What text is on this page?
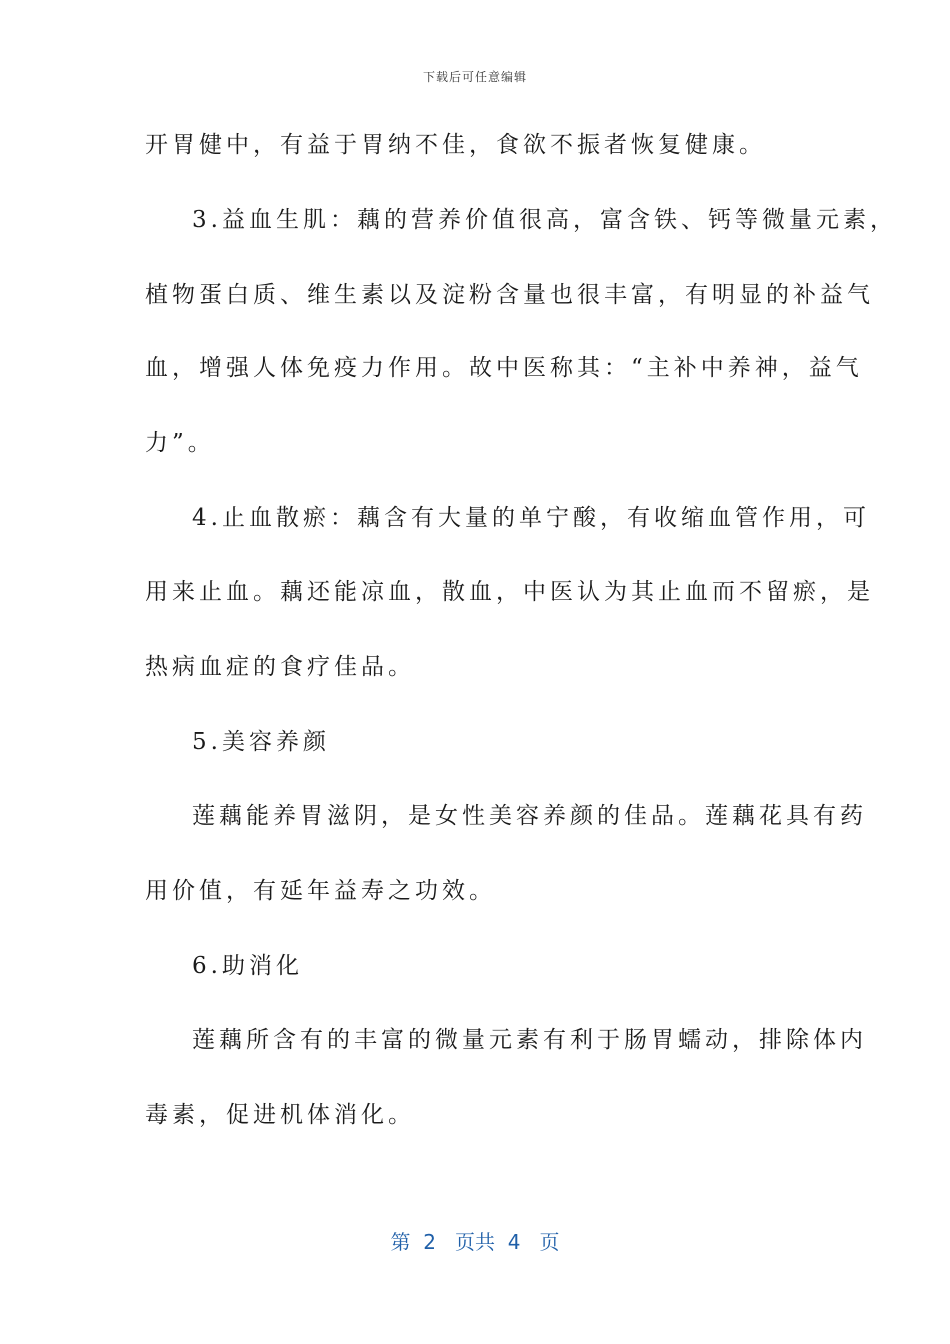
下载后可任意编辑
开胃健中，有益于胃纳不佳，食欲不振者恢复健康。
3.益血生肌：藕的营养价值很高，富含铁、钙等微量元素，
植物蛋白质、维生素以及淀粉含量也很丰富，有明显的补益气
血，增强人体免疫力作用。故中医称其：“主补中养神，益气
力”。
4.止血散瘀：藕含有大量的单宁酸，有收缩血管作用，可
用来止血。藕还能凉血，散血，中医认为其止血而不留瘀，是
热病血症的食疗佳品。
5.美容养颜
莲藕能养胃滋阴，是女性美容养颜的佳品。莲藕花具有药
用价值，有延年益寿之功效。
6.助消化
莲藕所含有的丰富的微量元素有利于肠胃蠕动，排除体内
毒素，促进机体消化。
第  2   页共  4   页
